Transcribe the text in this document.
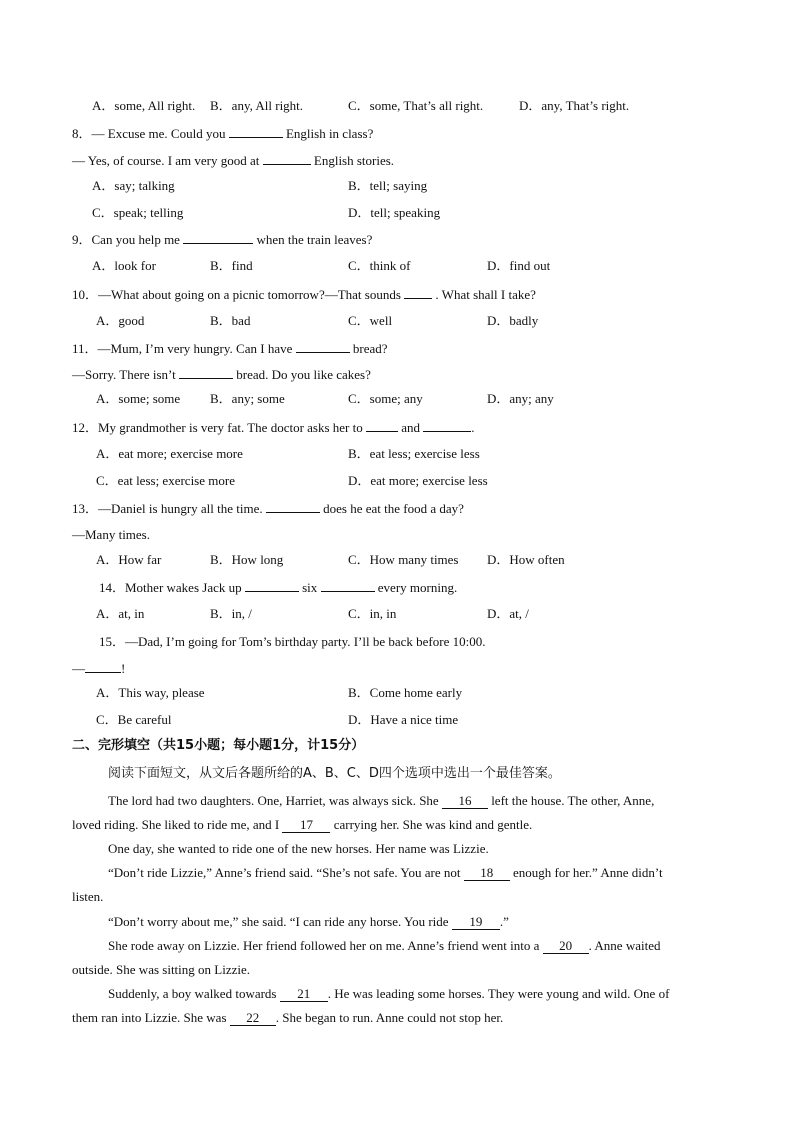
A．some, All right. B．any, All right.	C．some, That’s all right.	D．any, That’s right.
8．— Excuse me. Could you	English in class?
— Yes, of course. I am very good at	English stories.
A．say; talking	B．tell; saying
C．speak; telling	D．tell; speaking
9．Can you help me	when the train leaves?
A．look for	B．find	C．think of	D．find out
10．—What about going on a picnic tomorrow?—That sounds  . What shall I take?
A．good	B．bad	C．well	D．badly
11．—Mum, I’m very hungry. Can I have	bread?
—Sorry. There isn’t	bread. Do you like cakes?
A．some; some B．any; some	C．some; any	D．any; any
12．My grandmother is very fat. The doctor asks her to  and	.
A．eat more; exercise more	B．eat less; exercise less
C．eat less; exercise more	D．eat more; exercise less
13．—Daniel is hungry all the time.	does he eat the food a day?
—Many times.
A．How far	B．How long	C．How many times D．How often
14．Mother wakes Jack up	six	every morning.
A．at, in	B．in, /	C．in, in	D．at, /
15．—Dad, I’m going for Tom’s birthday party. I’ll be back before 10:00.
—	!
A．This way, please	B．Come home early
C．Be careful	D．Have a nice time
二、完形填空（共15小题；每小题1分，计15分）
阅读下面短文，从文后各题所给的A、B、C、D四个选项中选出一个最佳答案。
The lord had two daughters. One, Harriet, was always sick. She 16 left the house. The other, Anne,
loved riding. She liked to ride me, and I 17 carrying her. She was kind and gentle.
One day, she wanted to ride one of the new horses. Her name was Lizzie.
“Don’t ride Lizzie,” Anne’s friend said. “She’s not safe. You are not 18 enough for her.” Anne didn’t
listen.
“Don’t worry about me,” she said. “I can ride any horse. You ride 19 .”
She rode away on Lizzie. Her friend followed her on me. Anne’s friend went into a 20 . Anne waited
outside. She was sitting on Lizzie.
Suddenly, a boy walked towards 21 . He was leading some horses. They were young and wild. One of
them ran into Lizzie. She was 22 . She began to run. Anne could not stop her.
